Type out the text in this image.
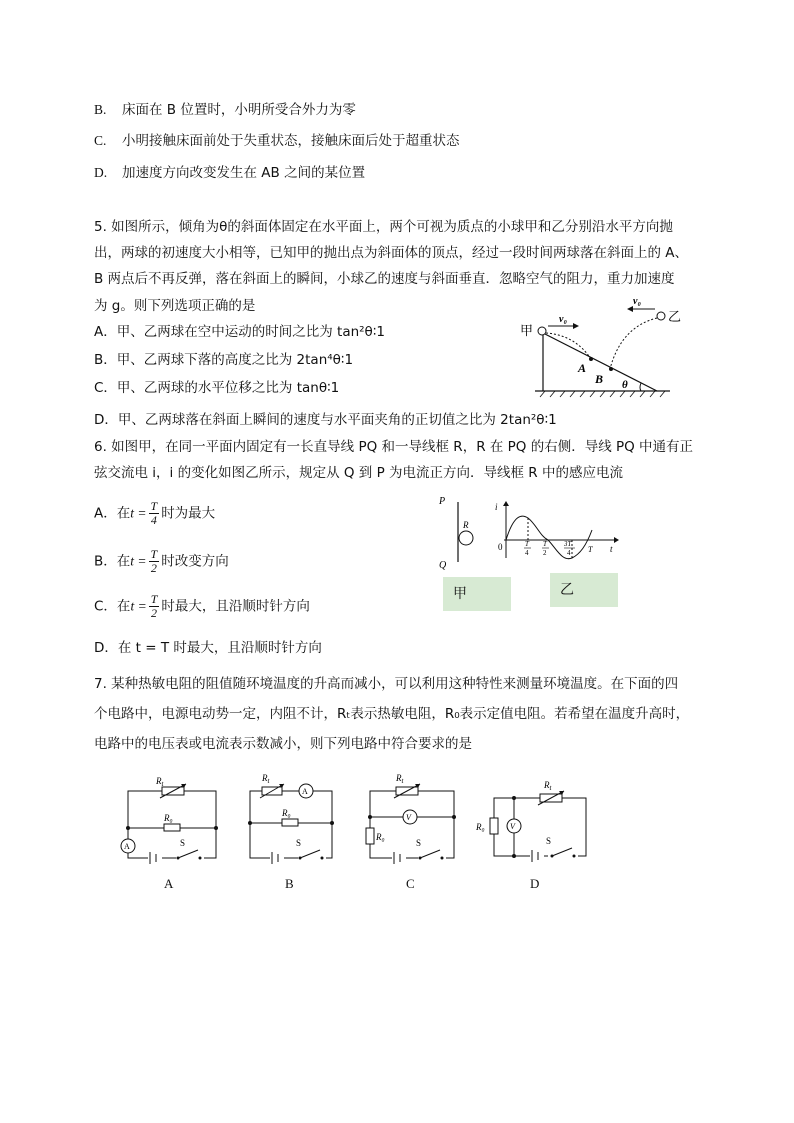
B. 床面在 B 位置时，小明所受合外力为零
C. 小明接触床面前处于失重状态，接触床面后处于超重状态
D. 加速度方向改变发生在 AB 之间的某位置
5. 如图所示，倾角为θ的斜面体固定在水平面上，两个可视为质点的小球甲和乙分别沿水平方向抛
出，两球的初速度大小相等，已知甲的抛出点为斜面体的顶点，经过一段时间两球落在斜面上的 A、
B 两点后不再反弹，落在斜面上的瞬间，小球乙的速度与斜面垂直．忽略空气的阻力，重力加速度
为 g。则下列选项正确的是
A．甲、乙两球在空中运动的时间之比为 tan²θ∶1
B．甲、乙两球下落的高度之比为 2tan⁴θ∶1
C．甲、乙两球的水平位移之比为 tanθ∶1
D．甲、乙两球落在斜面上瞬间的速度与水平面夹角的正切值之比为 2tan²θ∶1
v₀
v₀
甲
乙
A
B θ
6. 如图甲，在同一平面内固定有一长直导线 PQ 和一导线框 R，R 在 PQ 的右侧．导线 PQ 中通有正
弦交流电 i，i 的变化如图乙所示，规定从 Q 到 P 为电流正方向．导线框 R 中的感应电流
A．在$t = \frac{T}{4}$ 时为最大
B．在$t = \frac{T}{2}$ 时改变方向
C．在$t = \frac{T}{2}$ 时最大，且沿顺时针方向
D．在 t = T 时最大，且沿顺时针方向
P
Q
R
i
0	t
T
4
T
2
3T
4 T
甲	乙
7. 某种热敏电阻的阻值随环境温度的升高而减小，可以利用这种特性来测量环境温度。在下面的四
个电路中，电源电动势一定，内阻不计，Rₜ表示热敏电阻，R₀表示定值电阻。若希望在温度升高时，
电路中的电压表或电流表示数减小，则下列电路中符合要求的是
$R_t$
R₀
A	S
$R_t$
R₀
A
S
$R_t$
R₀
V
S
$R_t$
R₀	V
S
A	B	C	D
